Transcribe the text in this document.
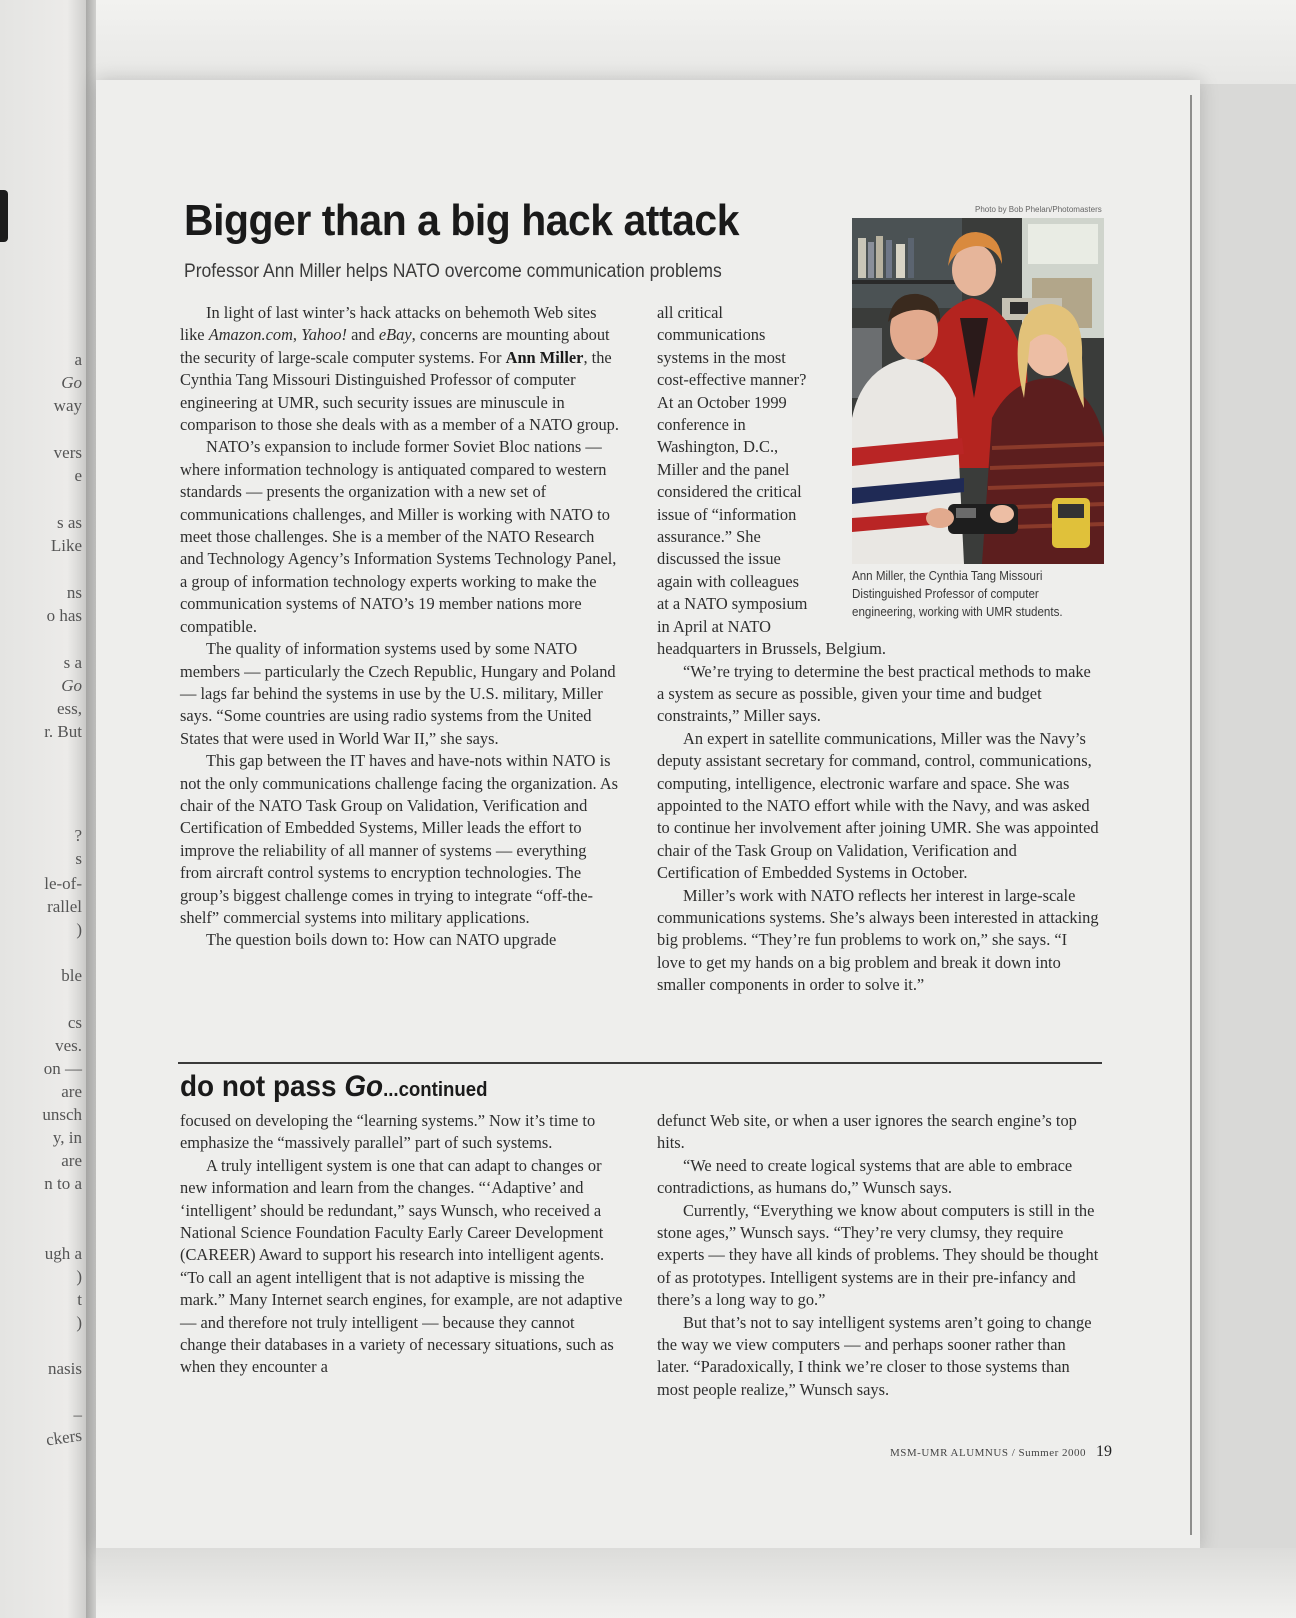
a
Go
way
vers
e
s as
Like
ns
o has
s a
Go
ess,
r. But
?
s
le-of-
rallel
)
ble
cs
ves.
on —
are
unsch
y, in
are
n to a
ugh a
)
t
)
nasis
–
ckers
Bigger than a big hack attack
Professor Ann Miller helps NATO overcome communication problems

In light of last winter’s hack attacks on behemoth Web sites like Amazon.com, Yahoo! and eBay, concerns are mounting about the security of large-scale computer systems. For Ann Miller, the Cynthia Tang Missouri Distinguished Professor of computer engineering at UMR, such security issues are minuscule in comparison to those she deals with as a member of a NATO group.

NATO’s expansion to include former Soviet Bloc nations — where information technology is antiquated compared to western standards — presents the organization with a new set of communications challenges, and Miller is working with NATO to meet those challenges. She is a member of the NATO Research and Technology Agency’s Information Systems Technology Panel, a group of information technology experts working to make the communication systems of NATO’s 19 member nations more compatible.

The quality of information systems used by some NATO members — particularly the Czech Republic, Hungary and Poland — lags far behind the systems in use by the U.S. military, Miller says. “Some countries are using radio systems from the United States that were used in World War II,” she says.

This gap between the IT haves and have-nots within NATO is not the only communications challenge facing the organization. As chair of the NATO Task Group on Validation, Verification and Certification of Embedded Systems, Miller leads the effort to improve the reliability of all manner of systems — everything from aircraft control systems to encryption technologies. The group’s biggest challenge comes in trying to integrate “off-the-shelf” commercial systems into military applications.

The question boils down to: How can NATO upgrade

all critical
communications
systems in the most
cost-effective manner?
At an October 1999
conference in
Washington, D.C.,
Miller and the panel
considered the critical
issue of “information
assurance.” She
discussed the issue
again with colleagues
at a NATO symposium
in April at NATO

headquarters in Brussels, Belgium.

“We’re trying to determine the best practical methods to make a system as secure as possible, given your time and budget constraints,” Miller says.

An expert in satellite communications, Miller was the Navy’s deputy assistant secretary for command, control, communications, computing, intelligence, electronic warfare and space. She was appointed to the NATO effort while with the Navy, and was asked to continue her involvement after joining UMR. She was appointed chair of the Task Group on Validation, Verification and Certification of Embedded Systems in October.

Miller’s work with NATO reflects her interest in large-scale communications systems. She’s always been interested in attacking big problems. “They’re fun problems to work on,” she says. “I love to get my hands on a big problem and break it down into smaller components in order to solve it.”

Photo by Bob Phelan/Photomasters
Ann Miller, the Cynthia Tang Missouri Distinguished Professor of computer engineering, working with UMR students.
do not pass Go...continued

focused on developing the “learning systems.” Now it’s time to emphasize the “massively parallel” part of such systems.

A truly intelligent system is one that can adapt to changes or new information and learn from the changes. “‘Adaptive’ and ‘intelligent’ should be redundant,” says Wunsch, who received a National Science Foundation Faculty Early Career Development (CAREER) Award to support his research into intelligent agents. “To call an agent intelligent that is not adaptive is missing the mark.” Many Internet search engines, for example, are not adaptive — and therefore not truly intelligent — because they cannot change their databases in a variety of necessary situations, such as when they encounter a

defunct Web site, or when a user ignores the search engine’s top hits.

“We need to create logical systems that are able to embrace contradictions, as humans do,” Wunsch says.

Currently, “Everything we know about computers is still in the stone ages,” Wunsch says. “They’re very clumsy, they require experts — they have all kinds of problems. They should be thought of as prototypes. Intelligent systems are in their pre-infancy and there’s a long way to go.”

But that’s not to say intelligent systems aren’t going to change the way we view computers — and perhaps sooner rather than later. “Paradoxically, I think we’re closer to those systems than most people realize,” Wunsch says.

MSM-UMR ALUMNUS / Summer 2000 19
